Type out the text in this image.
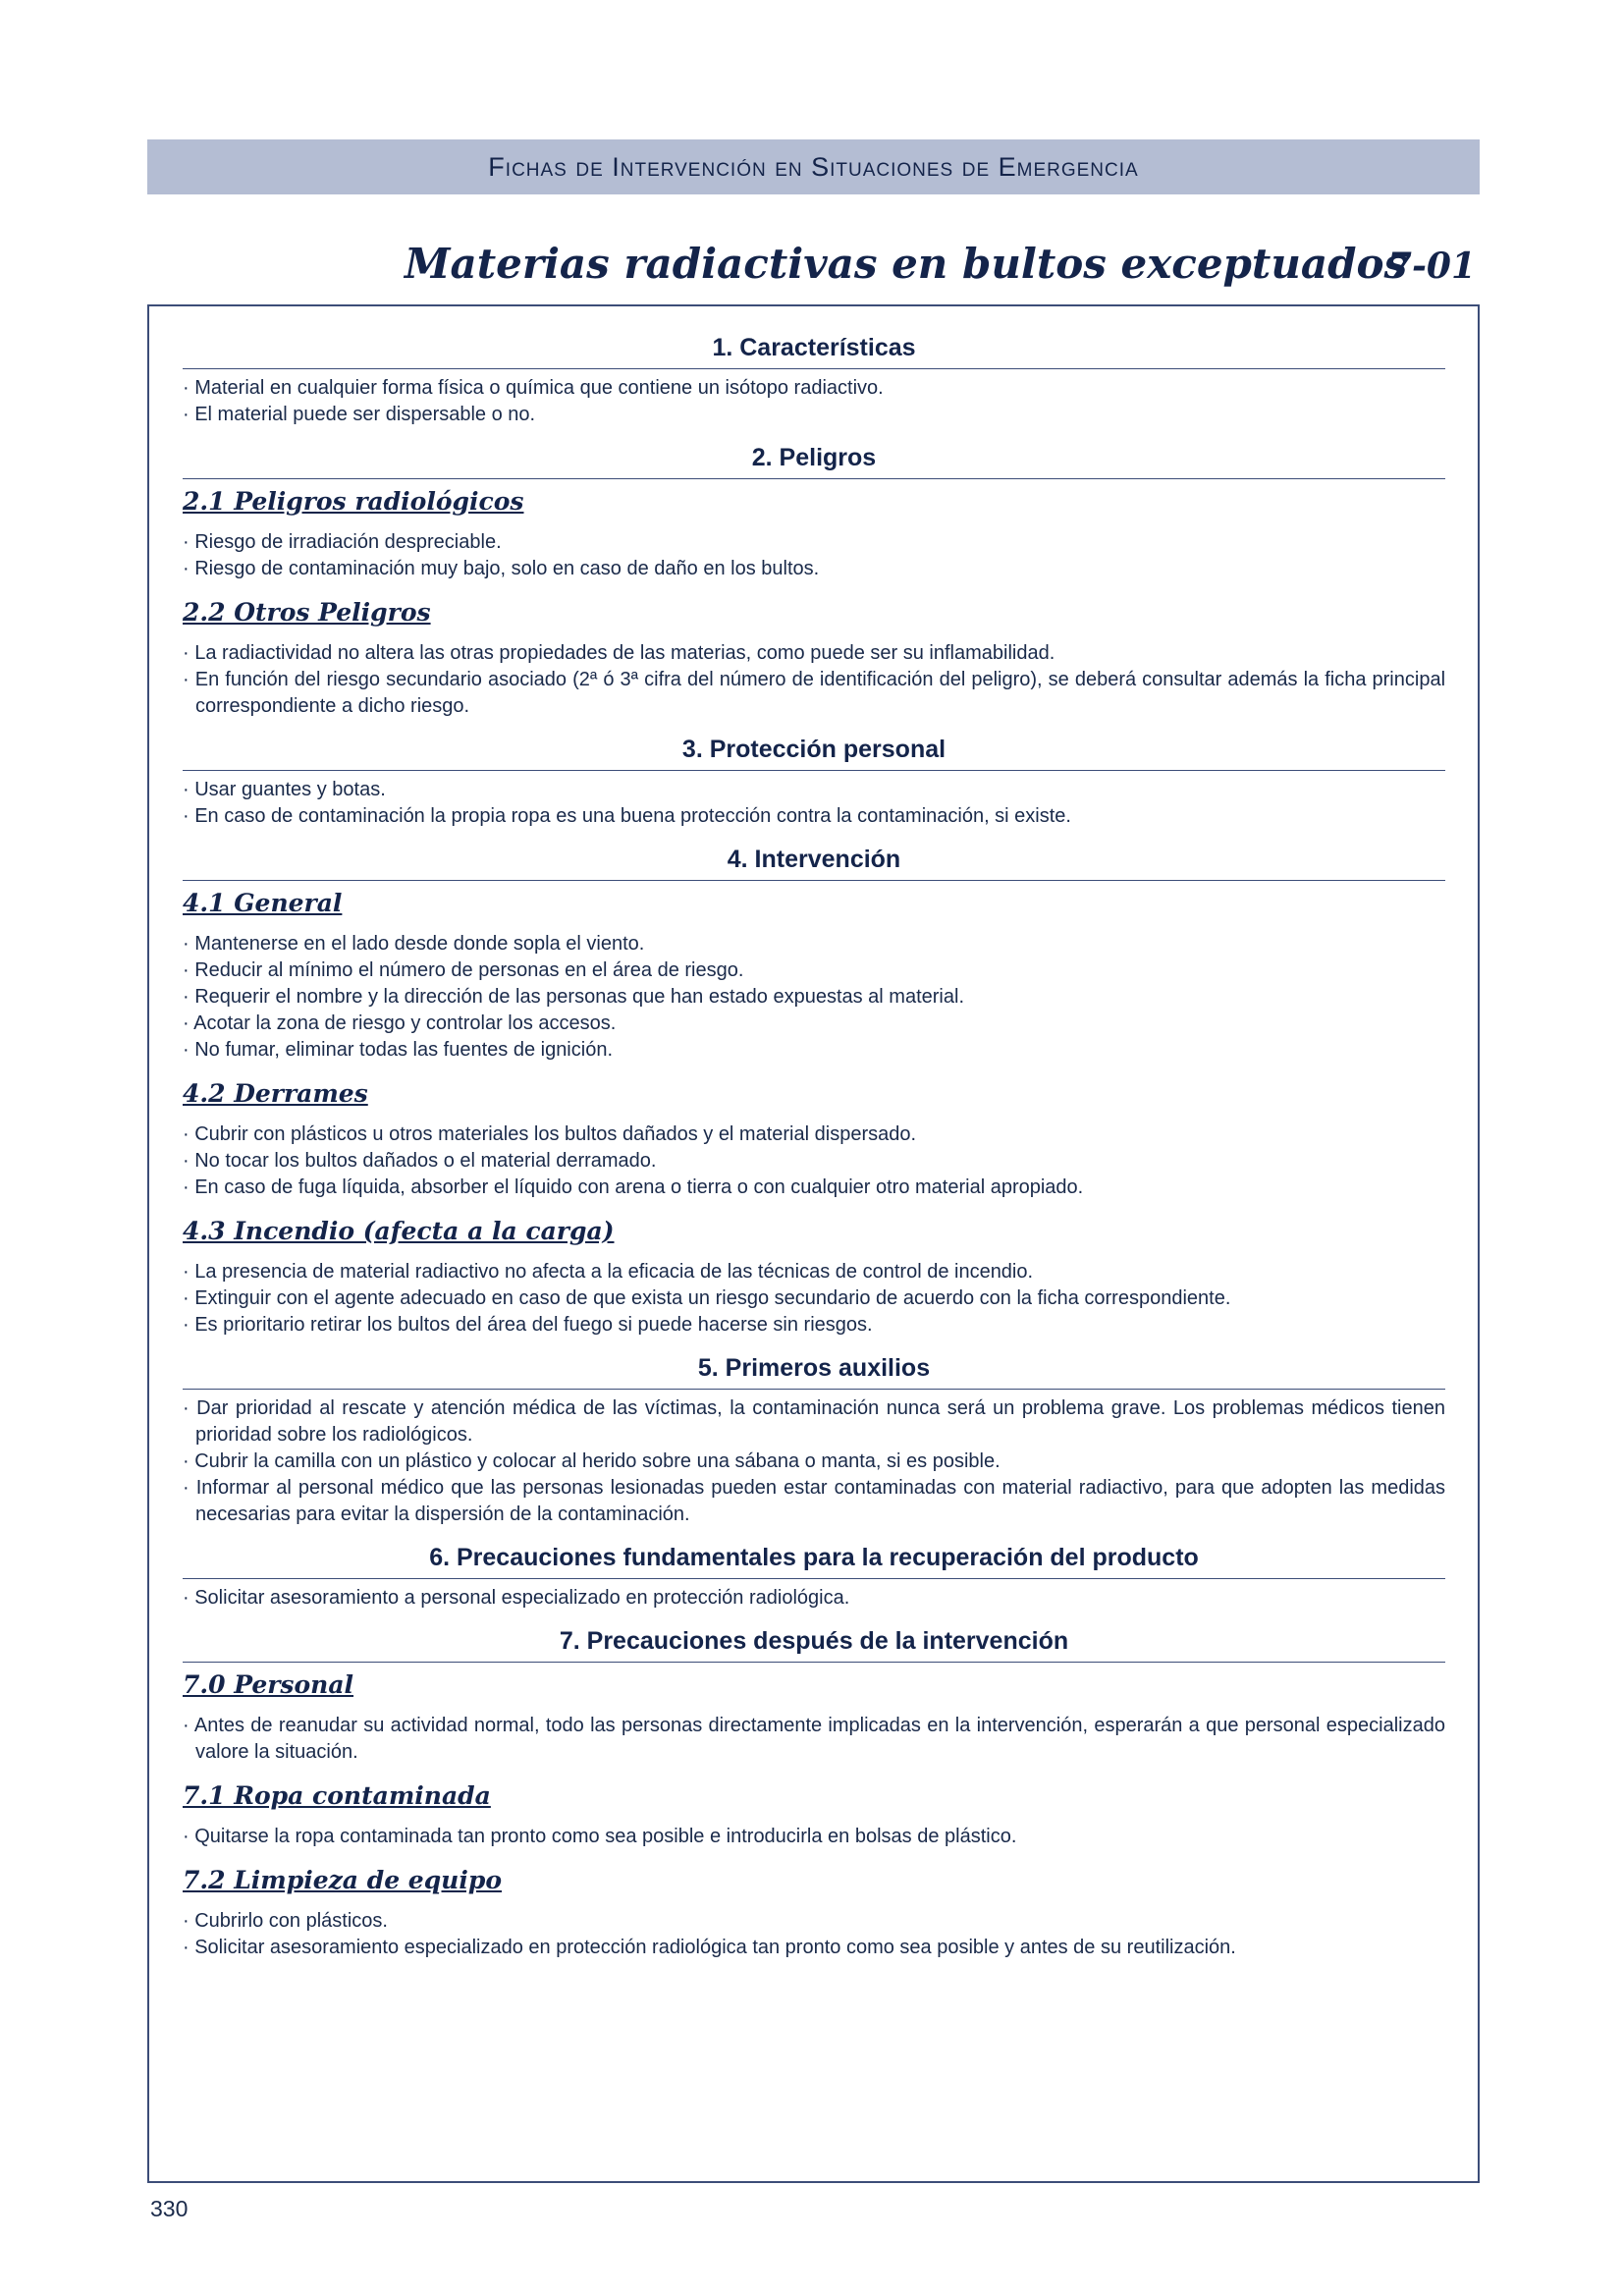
Fichas de Intervención en Situaciones de Emergencia
Materias radiactivas en bultos exceptuados
7-01
1. Características
· Material en cualquier forma física o química que contiene un isótopo radiactivo.
· El material puede ser dispersable o no.
2. Peligros
2.1 Peligros radiológicos
· Riesgo de irradiación despreciable.
· Riesgo de contaminación muy bajo, solo en caso de daño en los bultos.
2.2 Otros Peligros
· La radiactividad no altera las otras propiedades de las materias, como puede ser su inflamabilidad.
· En función del riesgo secundario asociado (2ª ó 3ª cifra del número de identificación del peligro), se deberá consultar además la ficha principal correspondiente a dicho riesgo.
3. Protección personal
· Usar guantes y botas.
· En caso de contaminación la propia ropa es una buena protección contra la contaminación, si existe.
4. Intervención
4.1 General
· Mantenerse en el lado desde donde sopla el viento.
· Reducir al mínimo el número de personas en el área de riesgo.
· Requerir el nombre y la dirección de las personas que han estado expuestas al material.
· Acotar la zona de riesgo y controlar los accesos.
· No fumar, eliminar todas las fuentes de ignición.
4.2 Derrames
· Cubrir con plásticos u otros materiales los bultos dañados y el material dispersado.
· No tocar los bultos dañados o el material derramado.
· En caso de fuga líquida, absorber el líquido con arena o tierra o con cualquier otro material apropiado.
4.3 Incendio (afecta a la carga)
· La presencia de material radiactivo no afecta a la eficacia de las técnicas de control de incendio.
· Extinguir con el agente adecuado en caso de que exista un riesgo secundario de acuerdo con la ficha correspondiente.
· Es prioritario retirar los bultos del área del fuego si puede hacerse sin riesgos.
5. Primeros auxilios
· Dar prioridad al rescate y atención médica de las víctimas, la contaminación nunca será un problema grave. Los problemas médicos tienen prioridad sobre los radiológicos.
· Cubrir la camilla con un plástico y colocar al herido sobre una sábana o manta, si es posible.
· Informar al personal médico que las personas lesionadas pueden estar contaminadas con material radiactivo, para que adopten las medidas necesarias para evitar la dispersión de la contaminación.
6. Precauciones fundamentales para la recuperación del producto
· Solicitar asesoramiento a personal especializado en protección radiológica.
7. Precauciones después de la intervención
7.0 Personal
· Antes de reanudar su actividad normal, todo las personas directamente implicadas en la intervención, esperarán a que personal especializado valore la situación.
7.1 Ropa contaminada
· Quitarse la ropa contaminada tan pronto como sea posible e introducirla en bolsas de plástico.
7.2 Limpieza de equipo
· Cubrirlo con plásticos.
· Solicitar asesoramiento especializado en protección radiológica tan pronto como sea posible y antes de su reutilización.
330
